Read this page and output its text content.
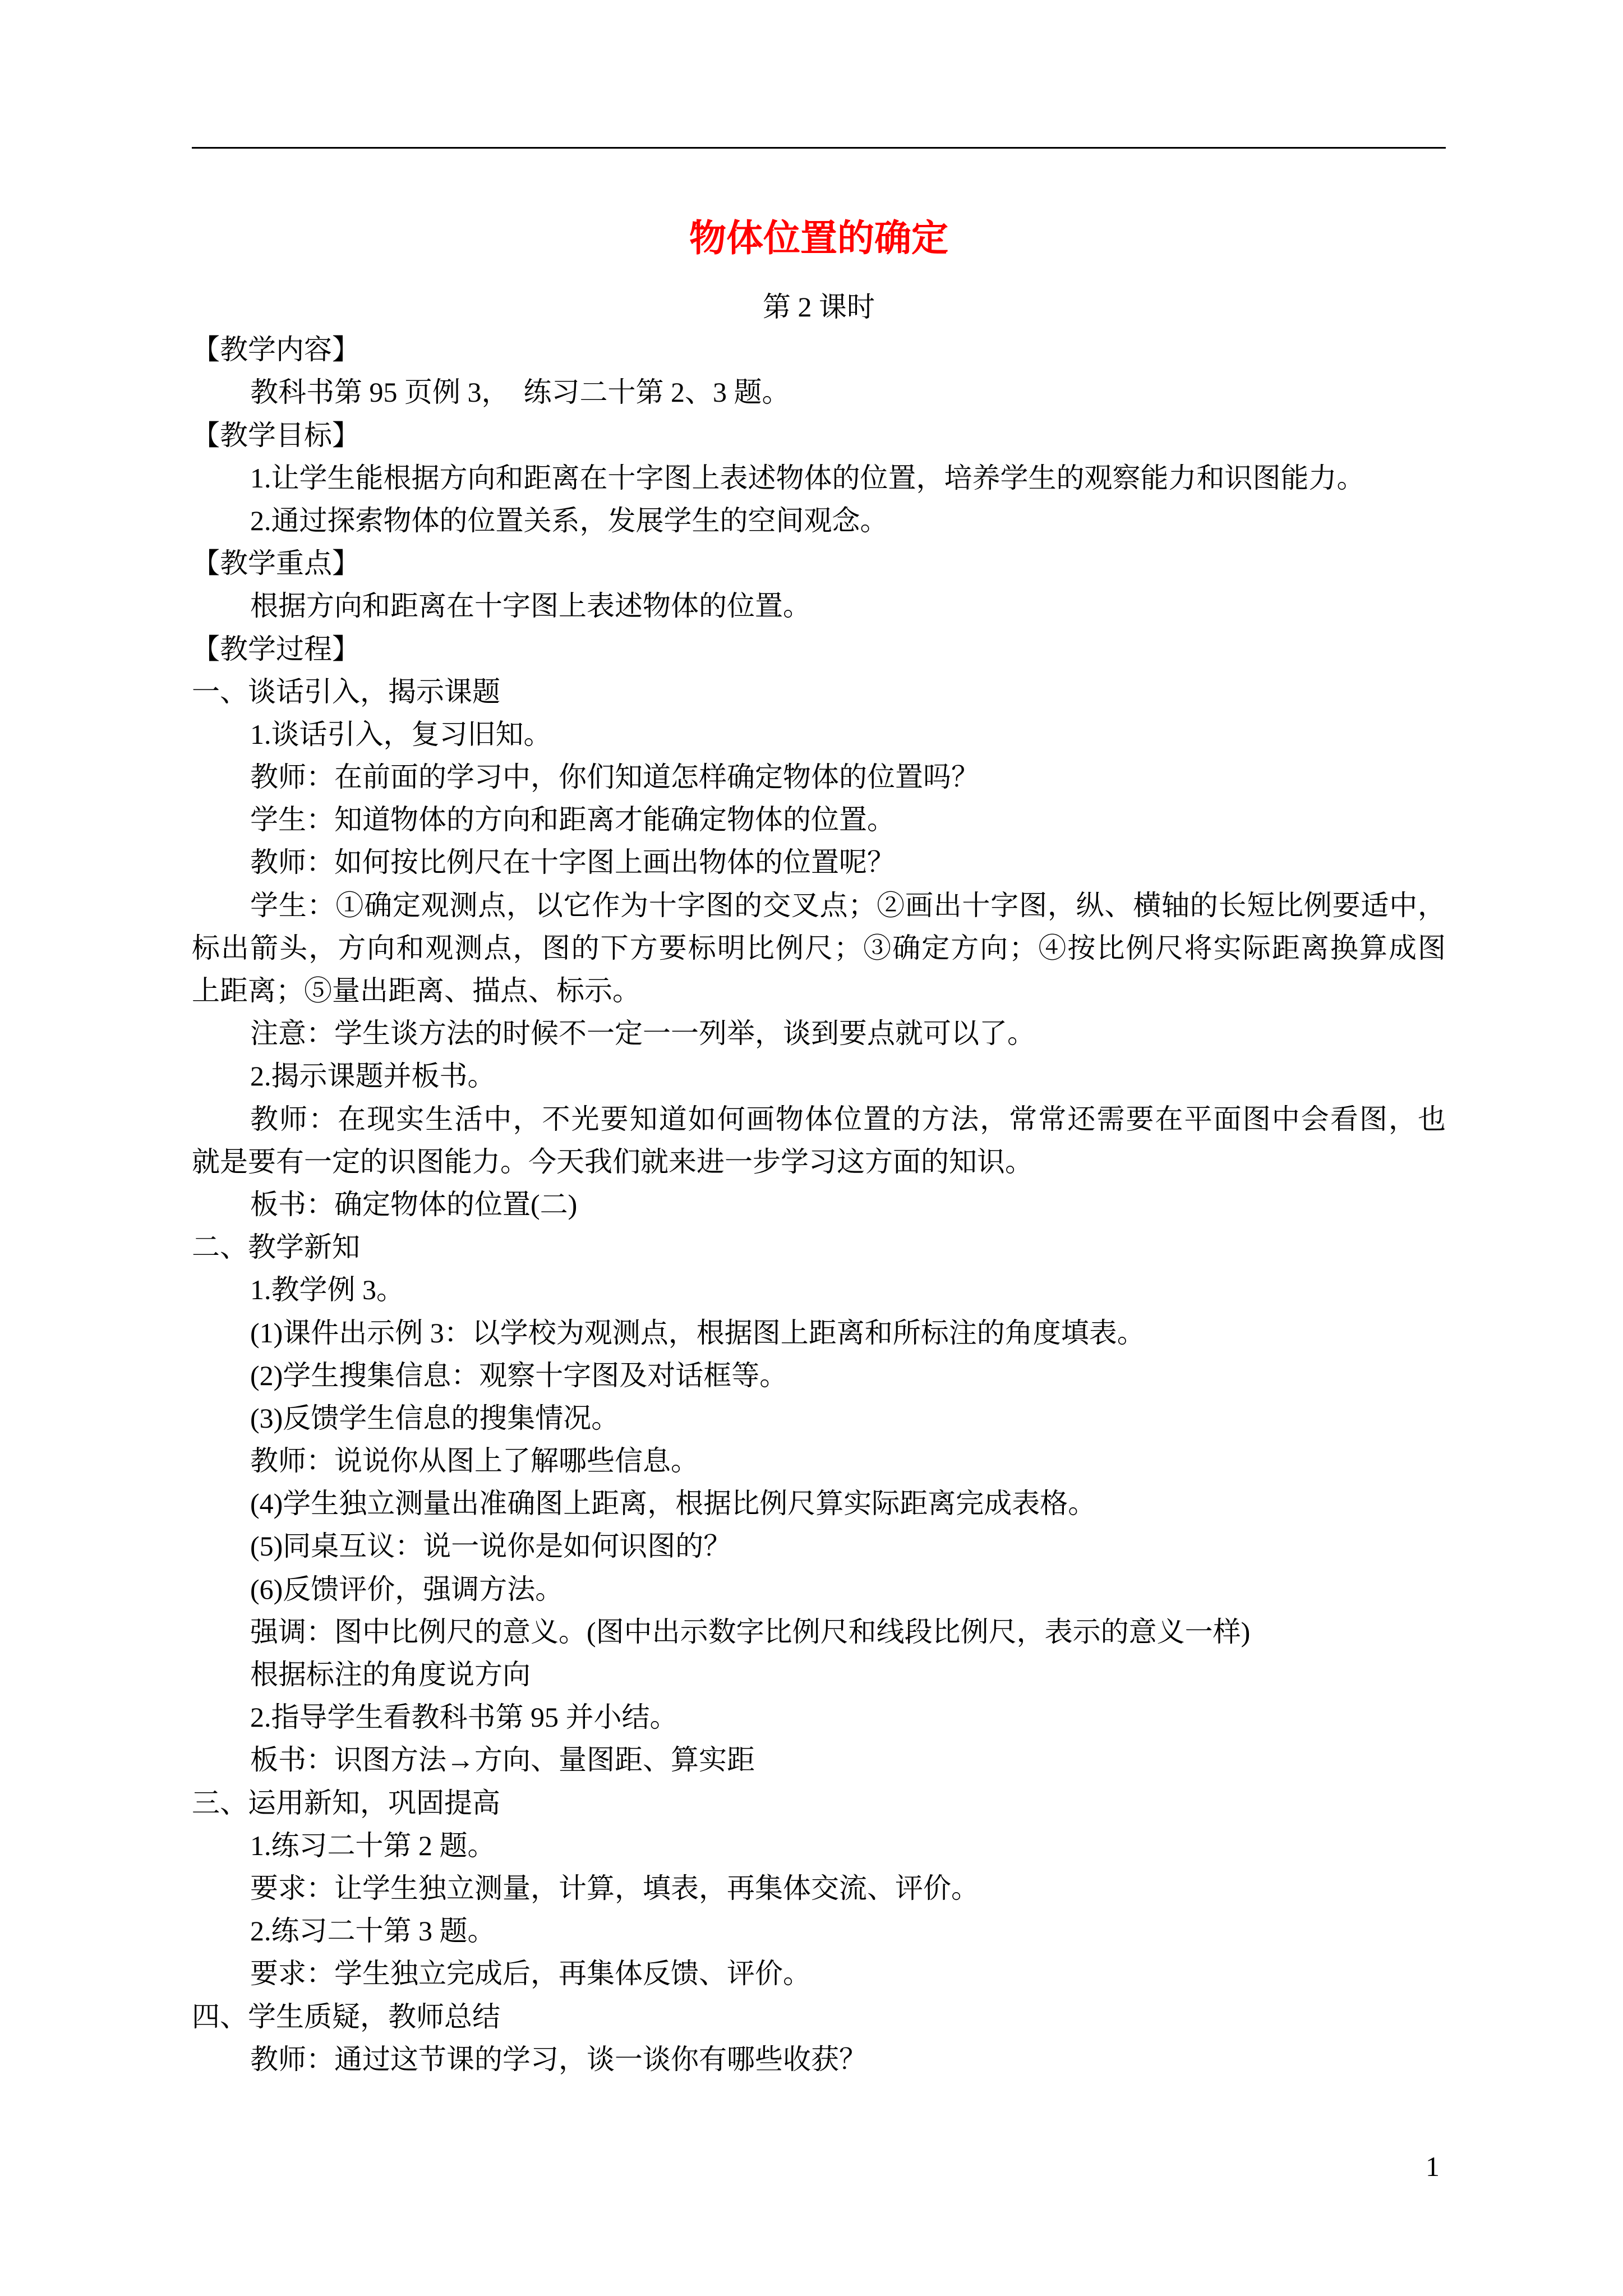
物体位置的确定
第 2 课时
【教学内容】
教科书第 95 页例 3，  练习二十第 2、3 题。
【教学目标】
1.让学生能根据方向和距离在十字图上表述物体的位置，培养学生的观察能力和识图能力。
2.通过探索物体的位置关系，发展学生的空间观念。
【教学重点】
根据方向和距离在十字图上表述物体的位置。
【教学过程】
一、谈话引入，揭示课题
1.谈话引入，复习旧知。
教师：在前面的学习中，你们知道怎样确定物体的位置吗？
学生：知道物体的方向和距离才能确定物体的位置。
教师：如何按比例尺在十字图上画出物体的位置呢？
学生：①确定观测点，以它作为十字图的交叉点；②画出十字图，纵、横轴的长短比例要适中，
标出箭头，方向和观测点，图的下方要标明比例尺；③确定方向；④按比例尺将实际距离换算成图
上距离；⑤量出距离、描点、标示。
注意：学生谈方法的时候不一定一一列举，谈到要点就可以了。
2.揭示课题并板书。
教师：在现实生活中，不光要知道如何画物体位置的方法，常常还需要在平面图中会看图，也
就是要有一定的识图能力。今天我们就来进一步学习这方面的知识。
板书：确定物体的位置(二)
二、教学新知
1.教学例 3。
(1)课件出示例 3：以学校为观测点，根据图上距离和所标注的角度填表。
(2)学生搜集信息：观察十字图及对话框等。
(3)反馈学生信息的搜集情况。
教师：说说你从图上了解哪些信息。
(4)学生独立测量出准确图上距离，根据比例尺算实际距离完成表格。
(5)同桌互议：说一说你是如何识图的？
(6)反馈评价，强调方法。
强调：图中比例尺的意义。(图中出示数字比例尺和线段比例尺，表示的意义一样)
根据标注的角度说方向
2.指导学生看教科书第 95 并小结。
板书：识图方法→方向、量图距、算实距
三、运用新知，巩固提高
1.练习二十第 2 题。
要求：让学生独立测量，计算，填表，再集体交流、评价。
2.练习二十第 3 题。
要求：学生独立完成后，再集体反馈、评价。
四、学生质疑，教师总结
教师：通过这节课的学习，谈一谈你有哪些收获？
1
